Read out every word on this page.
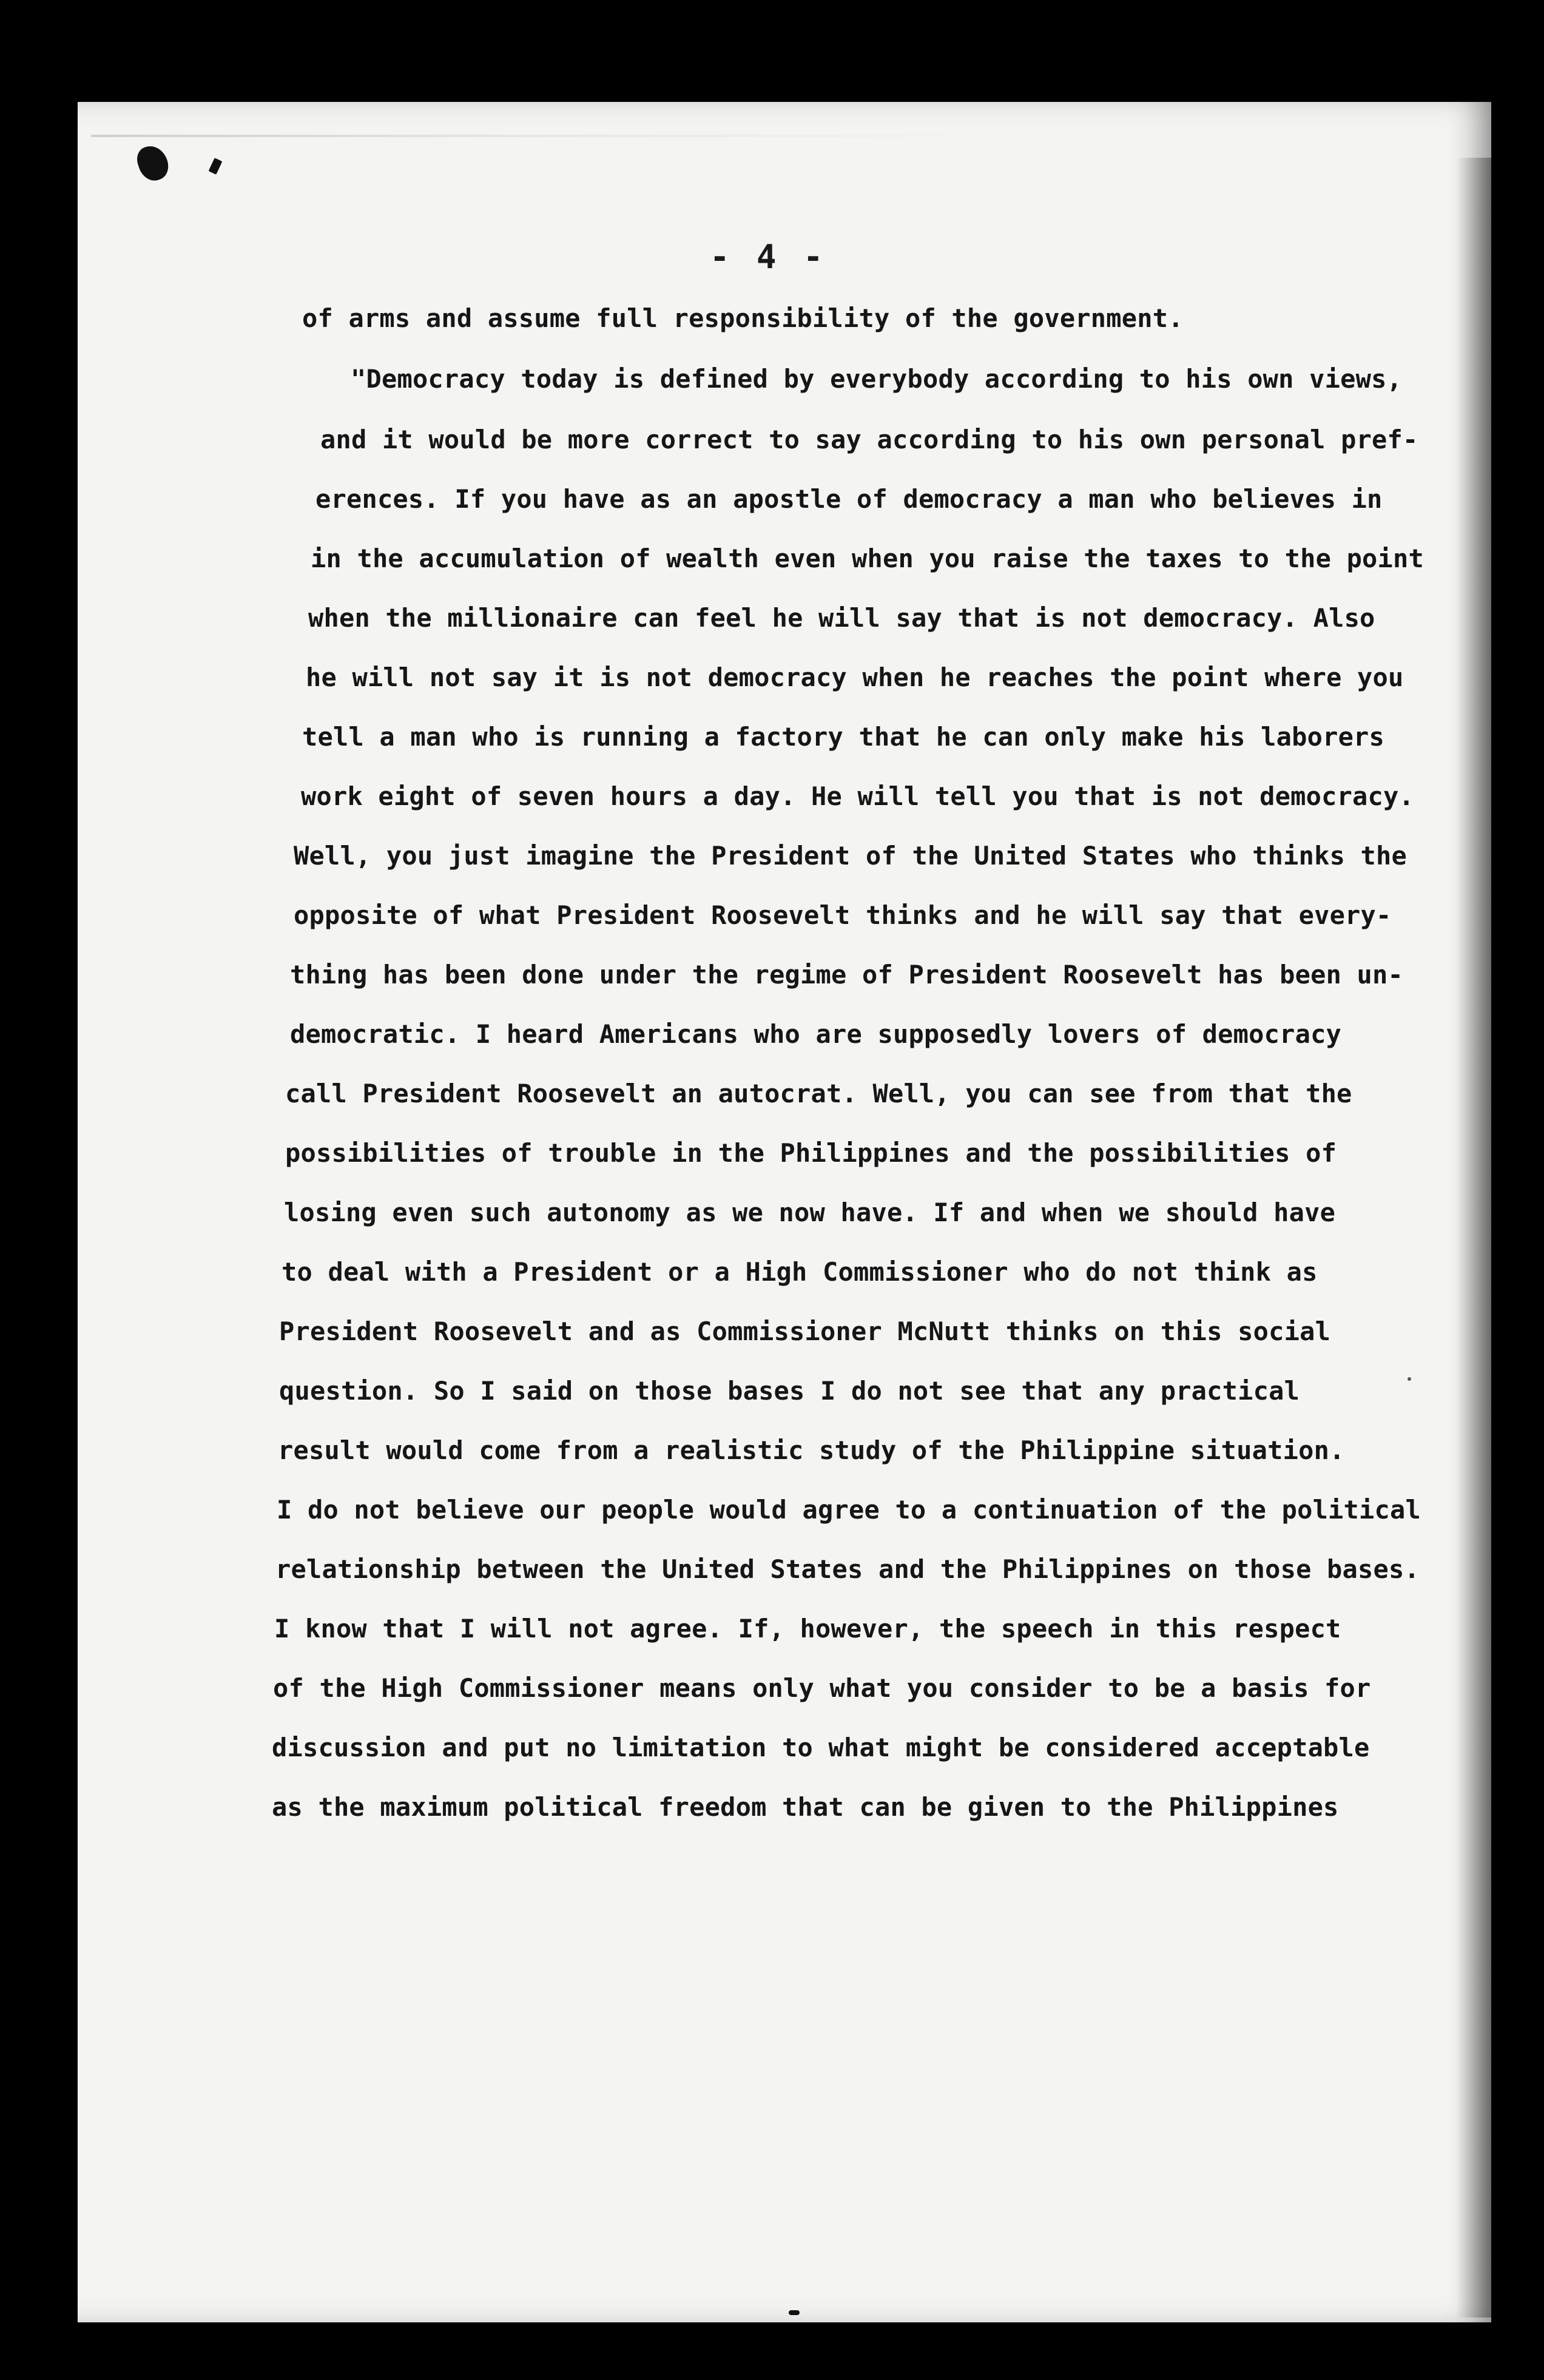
- 4 -
of arms and assume full responsibility of the government.
"Democracy today is defined by everybody according to his own views,
and it would be more correct to say according to his own personal pref-
erences. If you have as an apostle of democracy a man who believes in
in the accumulation of wealth even when you raise the taxes to the point
when the millionaire can feel he will say that is not democracy. Also
he will not say it is not democracy when he reaches the point where you
tell a man who is running a factory that he can only make his laborers
work eight of seven hours a day. He will tell you that is not democracy.
Well, you just imagine the President of the United States who thinks the
opposite of what President Roosevelt thinks and he will say that every-
thing has been done under the regime of President Roosevelt has been un-
democratic. I heard Americans who are supposedly lovers of democracy
call President Roosevelt an autocrat. Well, you can see from that the
possibilities of trouble in the Philippines and the possibilities of
losing even such autonomy as we now have. If and when we should have
to deal with a President or a High Commissioner who do not think as
President Roosevelt and as Commissioner McNutt thinks on this social
question. So I said on those bases I do not see that any practical
result would come from a realistic study of the Philippine situation.
I do not believe our people would agree to a continuation of the political
relationship between the United States and the Philippines on those bases.
I know that I will not agree. If, however, the speech in this respect
of the High Commissioner means only what you consider to be a basis for
discussion and put no limitation to what might be considered acceptable
as the maximum political freedom that can be given to the Philippines
